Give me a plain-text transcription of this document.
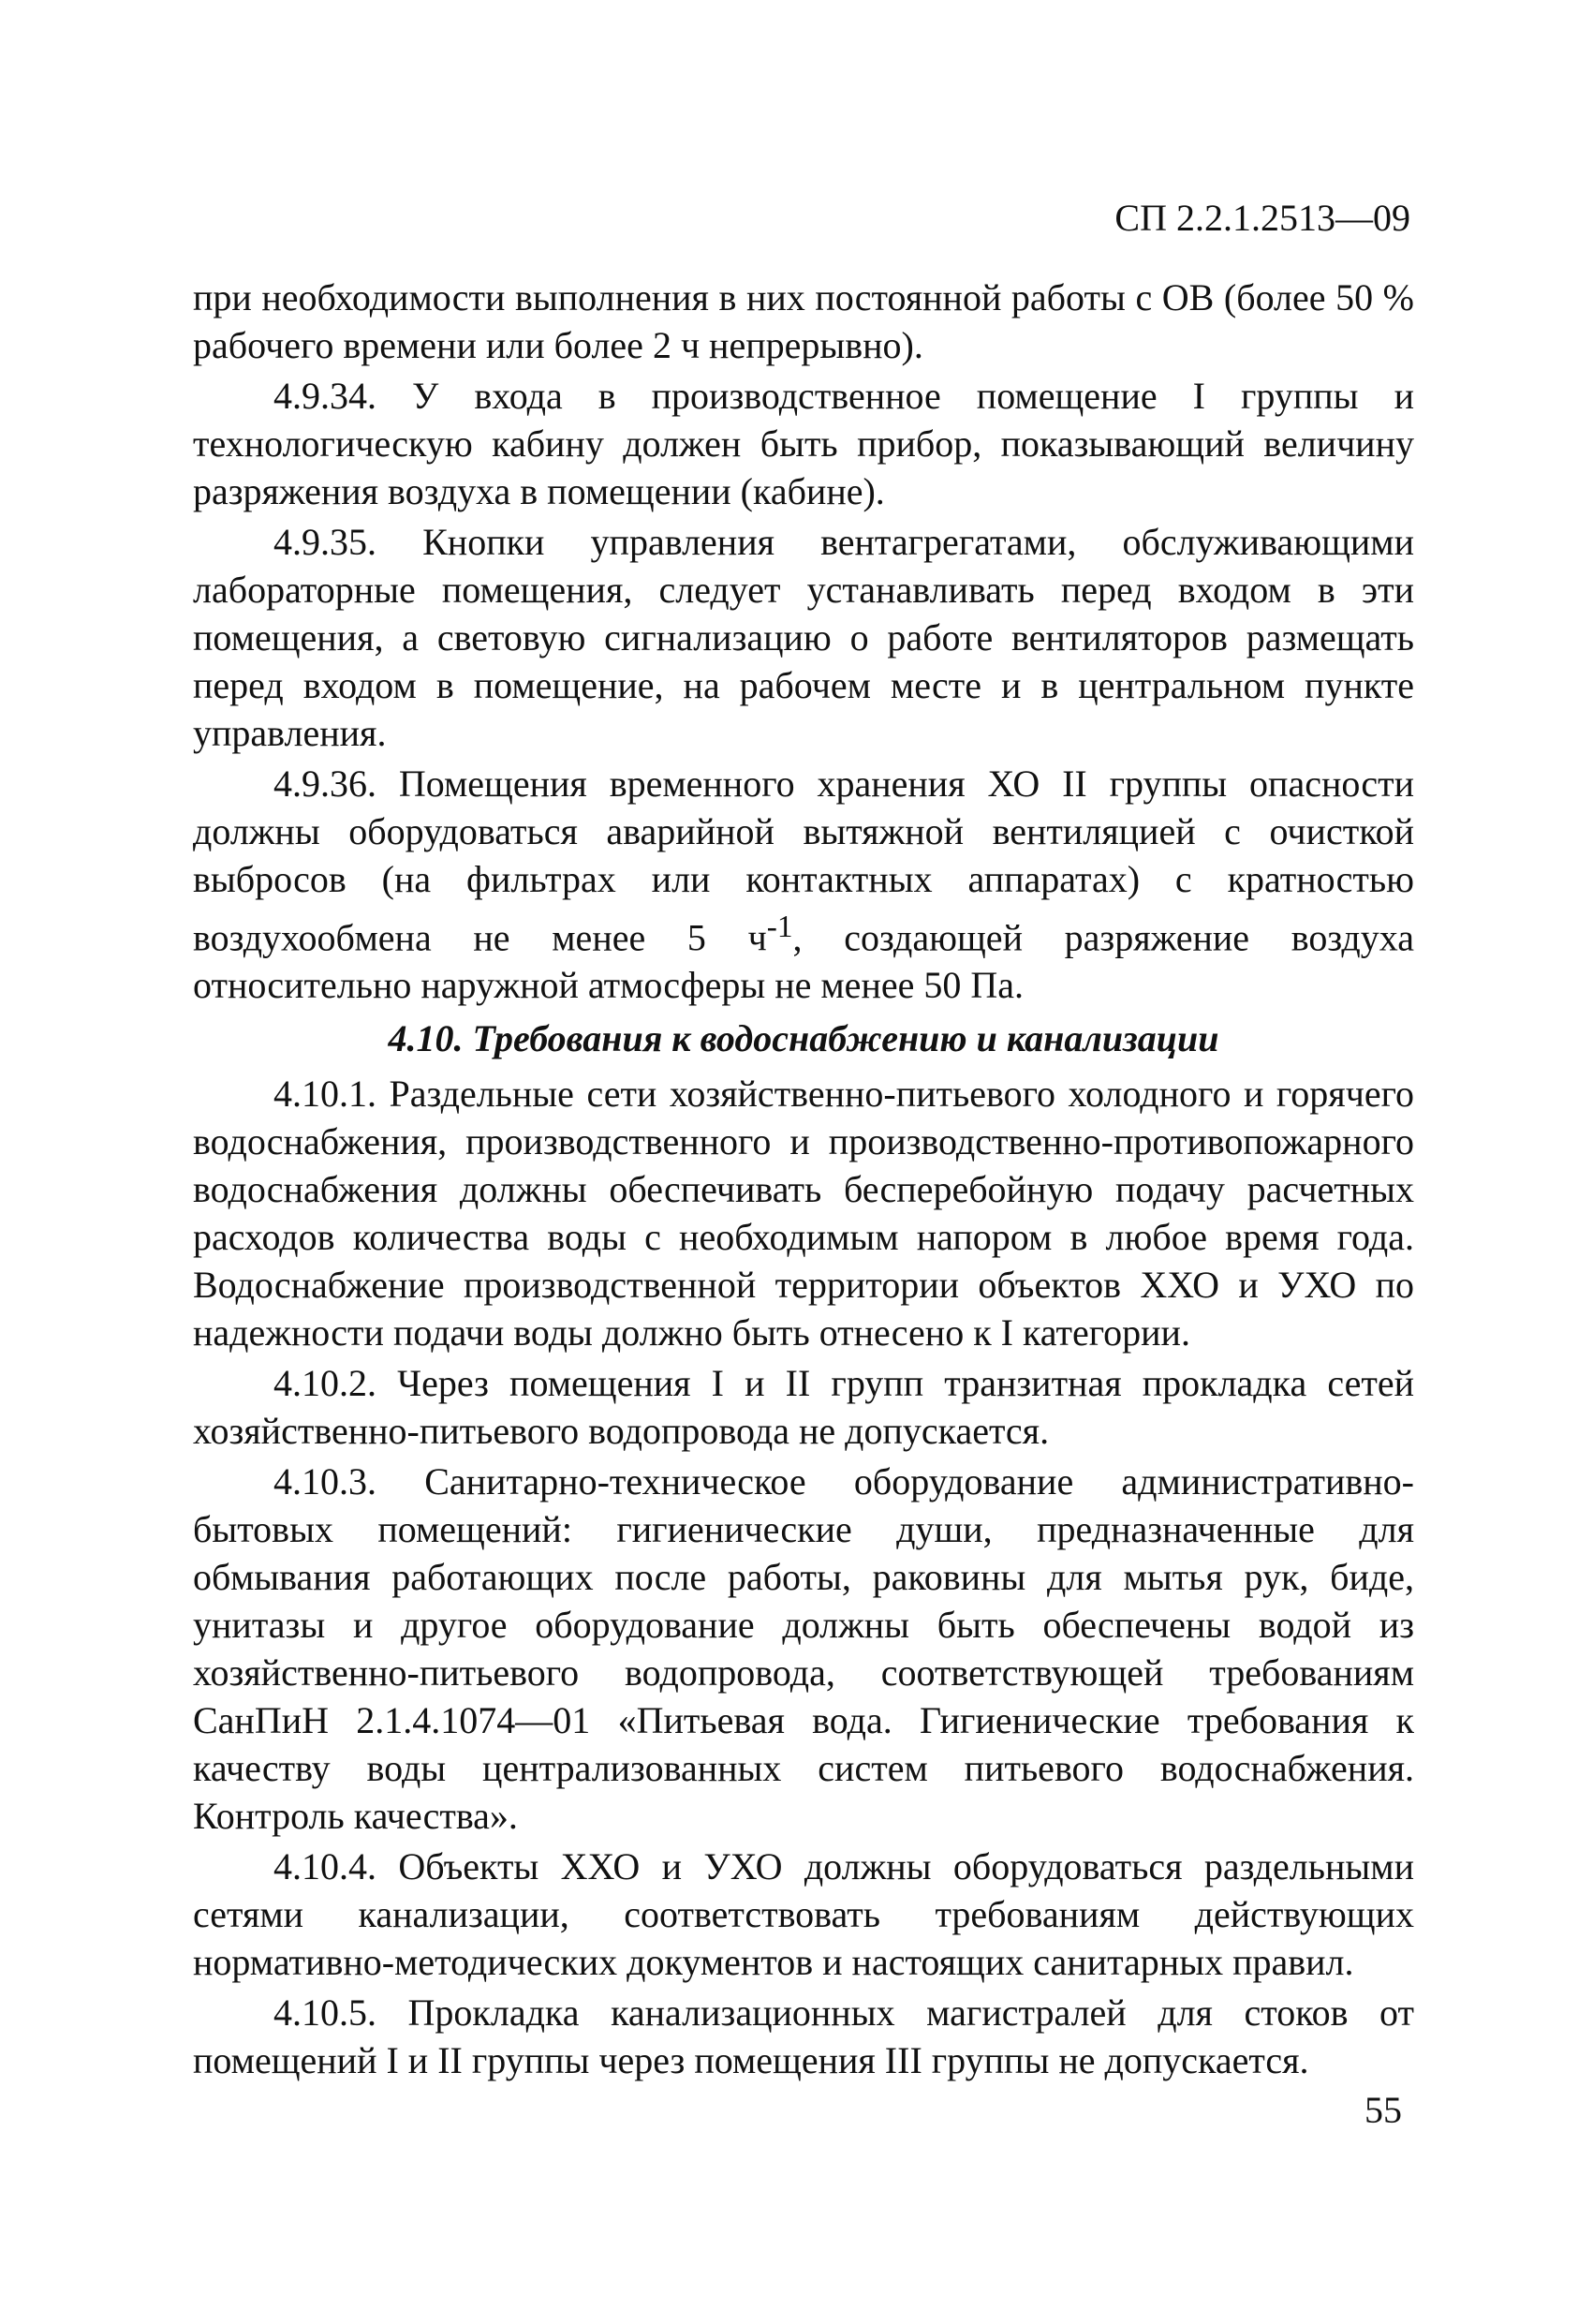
СП 2.2.1.2513—09

при необходимости выполнения в них постоянной работы с ОВ (более 50 % рабочего времени или более 2 ч непрерывно).

4.9.34. У входа в производственное помещение I группы и технологическую кабину должен быть прибор, показывающий величину разряжения воздуха в помещении (кабине).

4.9.35. Кнопки управления вентагрегатами, обслуживающими лабораторные помещения, следует устанавливать перед входом в эти помещения, а световую сигнализацию о работе вентиляторов размещать перед входом в помещение, на рабочем месте и в центральном пункте управления.

4.9.36. Помещения временного хранения ХО II группы опасности должны оборудоваться аварийной вытяжной вентиляцией с очисткой выбросов (на фильтрах или контактных аппаратах) с кратностью воздухообмена не менее 5 $ч^{-1}$, создающей разряжение воздуха относительно наружной атмосферы не менее 50 Па.

4.10. Требования к водоснабжению и канализации

4.10.1. Раздельные сети хозяйственно-питьевого холодного и горячего водоснабжения, производственного и производственно-противопожарного водоснабжения должны обеспечивать бесперебойную подачу расчетных расходов количества воды с необходимым напором в любое время года. Водоснабжение производственной территории объектов ХХО и УХО по надежности подачи воды должно быть отнесено к I категории.

4.10.2. Через помещения I и II групп транзитная прокладка сетей хозяйственно-питьевого водопровода не допускается.

4.10.3. Санитарно-техническое оборудование административно-бытовых помещений: гигиенические души, предназначенные для обмывания работающих после работы, раковины для мытья рук, биде, унитазы и другое оборудование должны быть обеспечены водой из хозяйственно-питьевого водопровода, соответствующей требованиям СанПиН 2.1.4.1074—01 «Питьевая вода. Гигиенические требования к качеству воды централизованных систем питьевого водоснабжения. Контроль качества».

4.10.4. Объекты ХХО и УХО должны оборудоваться раздельными сетями канализации, соответствовать требованиям действующих нормативно-методических документов и настоящих санитарных правил.

4.10.5. Прокладка канализационных магистралей для стоков от помещений I и II группы через помещения III группы не допускается.

55
